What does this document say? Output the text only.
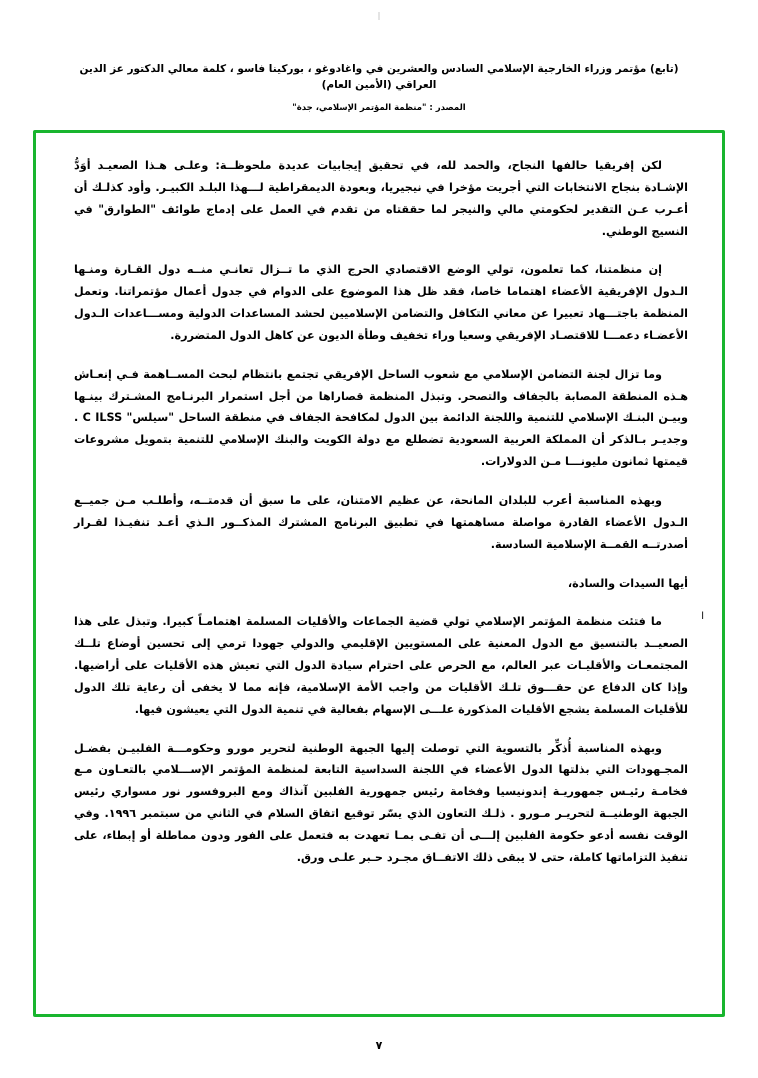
(تابع) مؤتمر وزراء الخارجية الإسلامي السادس والعشرين في واغادوغو ، بوركينا فاسو ، كلمة معالي الدكتور عز الدين العراقي (الأمين العام)
المصدر : "منظمة المؤتمر الإسلامي، جدة"

لكن إفريقيا حالفها النجاح، والحمد لله، في تحقيق إيجابيات عديدة ملحوظــة: وعلـى هـذا الصعيـد أوَدُّ الإشـادة بنجاح الانتخابات التي أجريت مؤخرا في نيجيريا، وبعودة الديمقراطية لـــهذا البلـد الكبيـر. وأود كذلـك أن أعـرب عـن التقدير لحكومتي مالي والنيجر لما حققتاه من تقدم في العمل على إدماج طوائف "الطوارق" في النسيج الوطني.

إن منظمتنا، كما تعلمون، تولي الوضع الاقتصادي الحرج الذي ما تــزال تعانـي منــه دول القـارة ومنـها الـدول الإفريقية الأعضاء اهتماما خاصا، فقد ظل هذا الموضوع على الدوام في جدول أعمال مؤتمراتنا. وتعمل المنظمة باجتـــهاد تعبيرا عن معاني التكافل والتضامن الإسلاميين لحشد المساعدات الدولية ومســـاعدات الـدول الأعضـاء دعمـــا للاقتصـاد الإفريقي وسعيا وراء تخفيف وطأة الديون عن كاهل الدول المتضررة.

وما تزال لجنة التضامن الإسلامي مع شعوب الساحل الإفريقي تجتمع بانتظام لبحث المســاهمة فـي إنعـاش هـذه المنطقة المصابة بالجفاف والتصحر. وتبذل المنظمة قصاراها من أجل استمرار البرنـامج المشـترك بينـها وبيـن البنـك الإسلامي للتنمية واللجنة الدائمة بين الدول لمكافحة الجفاف في منطقة الساحل "سيلس" C ILSS . وجديـر بـالذكر أن المملكة العربية السعودية تضطلع مع دولة الكويت والبنك الإسلامي للتنمية بتمويل مشروعات قيمتها ثمانون مليونـــا مـن الدولارات.

وبهذه المناسبة أعرب للبلدان المانحة، عن عظيم الامتنان، على ما سبق أن قدمتــه، وأطلـب مـن جميــع الـدول الأعضاء القادرة مواصلة مساهمتها في تطبيق البرنامج المشترك المذكــور الـذي أعـد تنفيـذا لقـرار أصدرتــه القمــة الإسلامية السادسة.

أيها السيدات والسادة،

ا

ما فتئت منظمة المؤتمر الإسلامي تولي قضية الجماعات والأقليات المسلمة اهتمامـاً كبيرا. وتبذل على هذا الصعيــد بالتنسيق مع الدول المعنية على المستويين الإقليمي والدولي جهودا ترمي إلى تحسين أوضاع تلــك المجتمعـات والأقليـات عبر العالم، مع الحرص على احترام سيادة الدول التي تعيش هذه الأقليات على أراضيها. وإذا كان الدفاع عن حقـــوق تلـك الأقليات من واجب الأمة الإسلامية، فإنه مما لا يخفى أن رعاية تلك الدول للأقليات المسلمة يشجع الأقليات المذكورة علـــى الإسهام بفعالية في تنمية الدول التي يعيشون فيها.

وبهذه المناسبة أُذكِّر بالتسوية التي توصلت إليها الجبهة الوطنية لتحرير مورو وحكومـــة الفلبيـن بفضـل المجـهودات التي بذلتها الدول الأعضاء في اللجنة السداسية التابعة لمنظمة المؤتمر الإســـلامي بالتعـاون مـع فخامـة رئيـس جمهوريـة إندونيسيا وفخامة رئيس جمهورية الفلبين آنذاك ومع البروفسور نور مسواري رئيس الجبهة الوطنيــة لتحريـر مـورو . ذلـك التعاون الذي يسّر توقيع اتفاق السلام في الثاني من سبتمبر ١٩٩٦. وفي الوقت نفسه أدعو حكومة الفلبين إلـــى أن تفـى بمـا تعهدت به فتعمل على الفور ودون مماطلة أو إبطاء، على تنفيذ التزاماتها كاملة، حتى لا يبقى ذلك الاتفــاق مجـرد حـبر علـى ورق.

٧
